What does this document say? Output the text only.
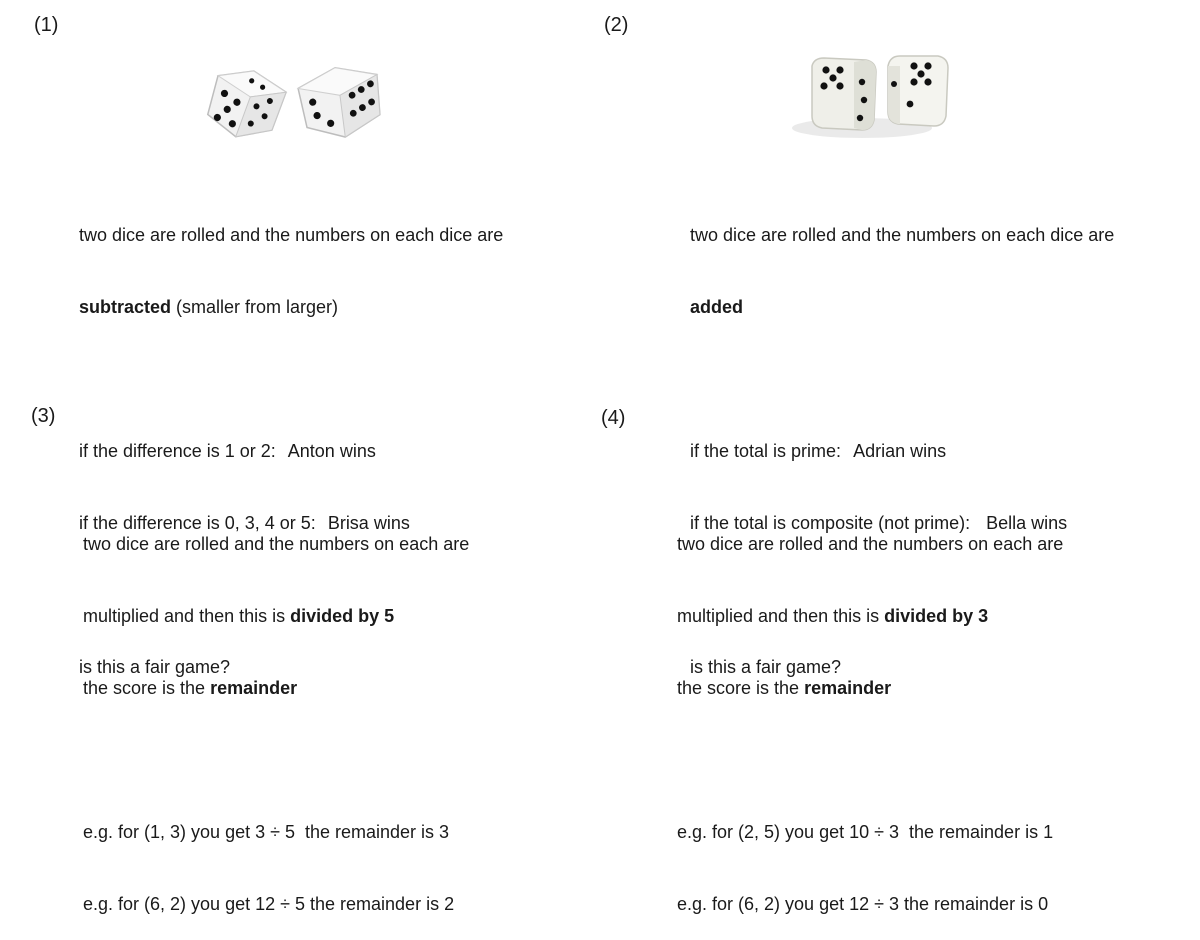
(1)

two dice are rolled and the numbers on each dice are

subtracted (smaller from larger)

if the difference is 1 or 2: Anton wins

if the difference is 0, 3, 4 or 5: Brisa wins

is this a fair game?

(2)

two dice are rolled and the numbers on each dice are

added

if the total is prime: Adrian wins

if the total is composite (not prime): Bella wins

is this a fair game?

(3)

two dice are rolled and the numbers on each are

multiplied and then this is divided by 5

the score is the remainder

e.g. for (1, 3) you get 3 ÷ 5  the remainder is 3

e.g. for (6, 2) you get 12 ÷ 5 the remainder is 2

(4)

two dice are rolled and the numbers on each are

multiplied and then this is divided by 3

the score is the remainder

e.g. for (2, 5) you get 10 ÷ 3  the remainder is 1

e.g. for (6, 2) you get 12 ÷ 3 the remainder is 0
